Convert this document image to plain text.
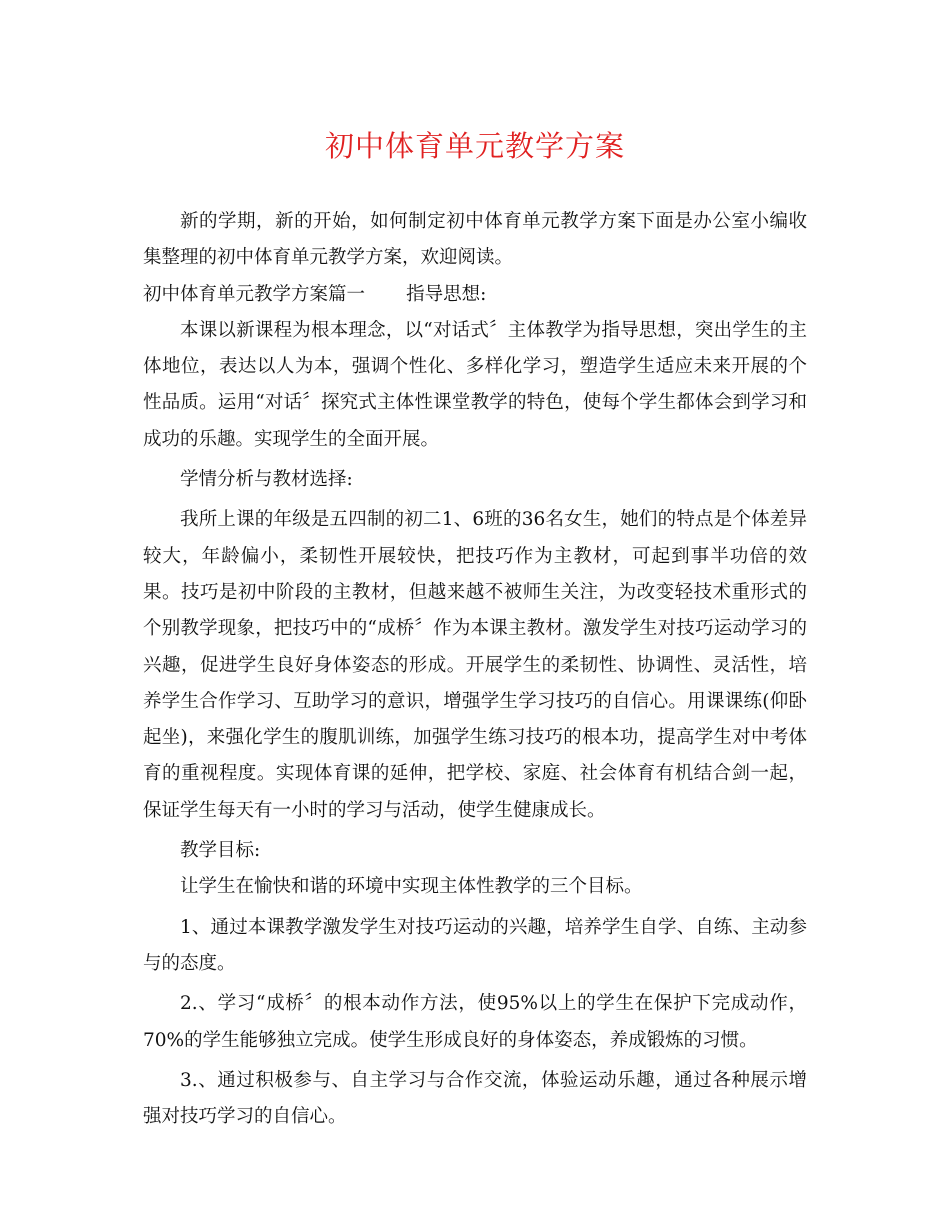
初中体育单元教学方案

新的学期，新的开始，如何制定初中体育单元教学方案下面是办公室小编收集整理的初中体育单元教学方案，欢迎阅读。

初中体育单元教学方案篇一       指导思想:

本课以新课程为根本理念，以“对话式〞主体教学为指导思想，突出学生的主体地位，表达以人为本，强调个性化、多样化学习，塑造学生适应未来开展的个性品质。运用“对话〞探究式主体性课堂教学的特色，使每个学生都体会到学习和成功的乐趣。实现学生的全面开展。

学情分析与教材选择:

我所上课的年级是五四制的初二1、6班的36名女生，她们的特点是个体差异较大，年龄偏小，柔韧性开展较快，把技巧作为主教材，可起到事半功倍的效果。技巧是初中阶段的主教材，但越来越不被师生关注，为改变轻技术重形式的个别教学现象，把技巧中的“成桥〞作为本课主教材。激发学生对技巧运动学习的兴趣，促进学生良好身体姿态的形成。开展学生的柔韧性、协调性、灵活性，培养学生合作学习、互助学习的意识，增强学生学习技巧的自信心。用课课练(仰卧起坐)，来强化学生的腹肌训练，加强学生练习技巧的根本功，提高学生对中考体育的重视程度。实现体育课的延伸，把学校、家庭、社会体育有机结合剑一起，保证学生每天有一小时的学习与活动，使学生健康成长。

教学目标:

让学生在愉快和谐的环境中实现主体性教学的三个目标。

1、通过本课教学激发学生对技巧运动的兴趣，培养学生自学、自练、主动参与的态度。

2.、学习“成桥〞的根本动作方法，使95%以上的学生在保护下完成动作，70%的学生能够独立完成。使学生形成良好的身体姿态，养成锻炼的习惯。

3.、通过积极参与、自主学习与合作交流，体验运动乐趣，通过各种展示增强对技巧学习的自信心。
